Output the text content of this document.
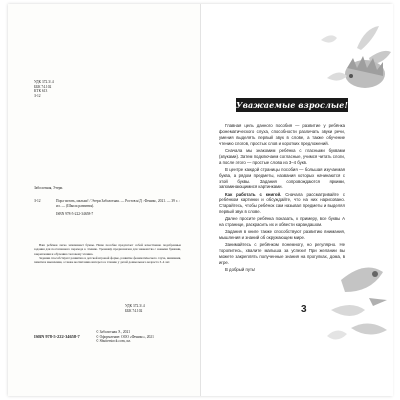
УДК 372.3/.4

ББК 74.102

КТК 613

З-12

Заболотная, Этери.

З-12	Пора читать, малыш! / Этери Заболотная. — Ростов н/Д : Феникс, 2021. — 39 с. : ил. — (Школа развития).

ISBN 978-5-222-34658-7

Ваш ребёнок легко запоминает буквы. Наше пособие предлагает собой качественно подобранные задания для постепенного перехода к чтению. Тренажёр предназначен для знакомства с новыми буквами, закрепления и обучения слоговому чтению.

Задания способствуют развитию в детской игровой форме, развитие фонематического слуха, внимания, памяти и мышления, а также воспитанию интереса к чтению у детей дошкольного возраста 3–4 лет.

УДК 372.3/.4

ББК 74.102

ISBN 978-5-222-34658-7

© Заболотная Э., 2021

© Оформление: ООО «Феникс», 2021

© Shutterstock.com, ил.

Уважаемые взрослые!

Главная цель данного пособия — развитие у ребёнка фонематического слуха, способности различать звуки речи, умения выделять первый звук в слове, а также обучение чтению слогов, простых слов и коротких предложений.

Сначала мы знакомим ребёнка с гласными буквами (звуками). Затем подключаем согласные, учимся читать слоги, а после этого — простые слова из 3–4 букв.

В центре каждой страницы пособия — большая изучаемая буква, а рядом предметы, названия которых начинаются с этой буквы. Задания сопровождаются яркими, запоминающимися картинками.

Как работать с книгой. Сначала рассматривайте с ребёнком картинки и обсуждайте, что на них нарисовано. Старайтесь, чтобы ребёнок сам называл предметы и выделял первый звук в слове.

Далее просите ребёнка показать, к примеру, все буквы А на странице, раскрасить их и обвести карандашом.

Задания в книге также способствуют развитию внимания, мышления и знаний об окружающем мире.

Занимайтесь с ребёнком понемногу, но регулярно. Не торопитесь, хвалите малыша за успехи! При желании вы можете закреплять полученные знания на прогулках, дома, в игре.

В добрый путь!

3
